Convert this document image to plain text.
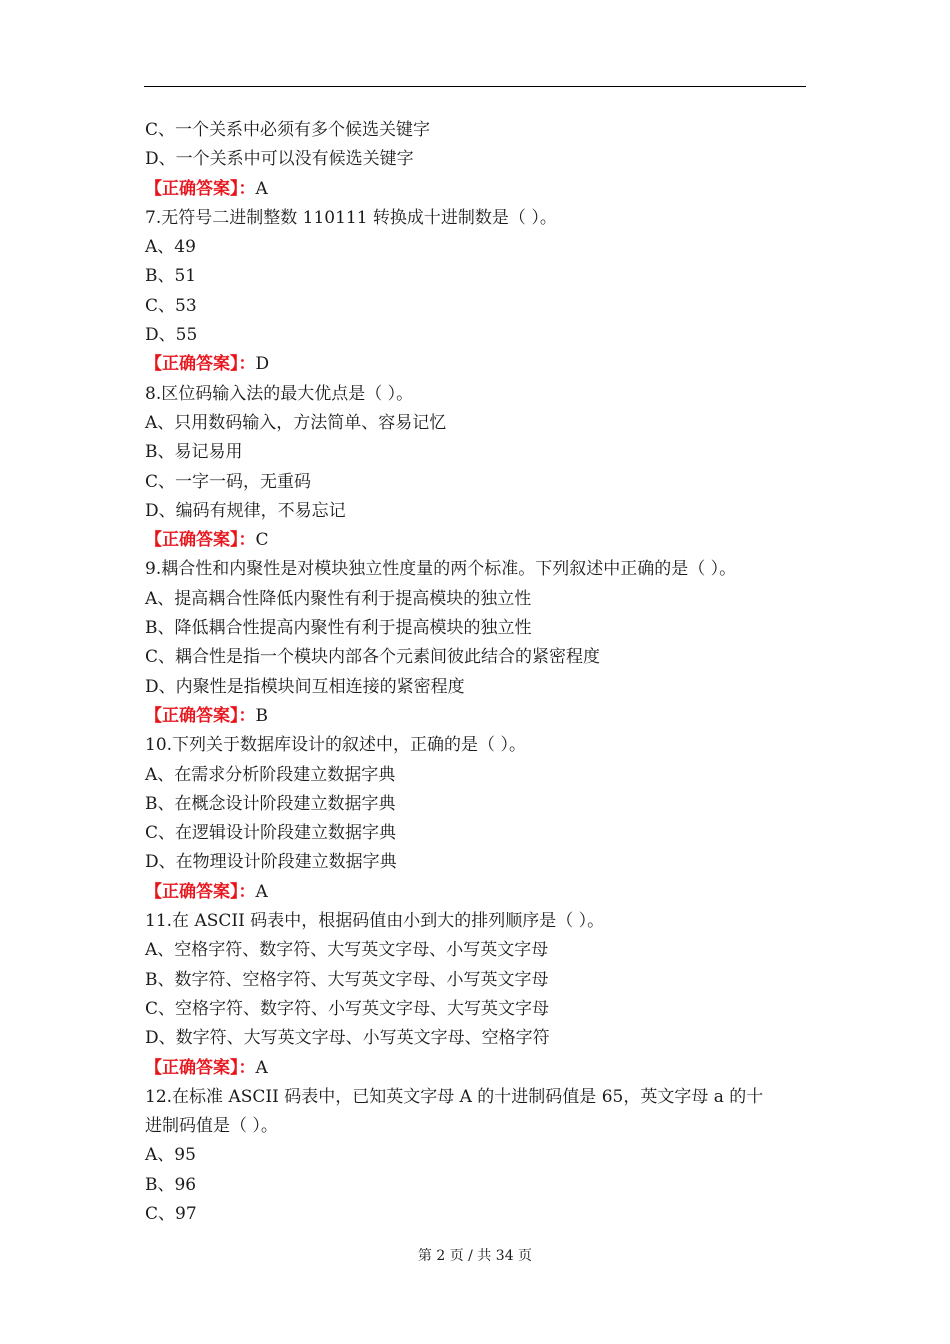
C、一个关系中必须有多个候选关键字
D、一个关系中可以没有候选关键字
【正确答案】：A
7.无符号二进制整数 110111 转换成十进制数是（ ）。
A、49
B、51
C、53
D、55
【正确答案】：D
8.区位码输入法的最大优点是（ ）。
A、只用数码输入，方法简单、容易记忆
B、易记易用
C、一字一码，无重码
D、编码有规律，不易忘记
【正确答案】：C
9.耦合性和内聚性是对模块独立性度量的两个标准。下列叙述中正确的是（ ）。
A、提高耦合性降低内聚性有利于提高模块的独立性
B、降低耦合性提高内聚性有利于提高模块的独立性
C、耦合性是指一个模块内部各个元素间彼此结合的紧密程度
D、内聚性是指模块间互相连接的紧密程度
【正确答案】：B
10.下列关于数据库设计的叙述中，正确的是（ ）。
A、在需求分析阶段建立数据字典
B、在概念设计阶段建立数据字典
C、在逻辑设计阶段建立数据字典
D、在物理设计阶段建立数据字典
【正确答案】：A
11.在 ASCII 码表中，根据码值由小到大的排列顺序是（ ）。
A、空格字符、数字符、大写英文字母、小写英文字母
B、数字符、空格字符、大写英文字母、小写英文字母
C、空格字符、数字符、小写英文字母、大写英文字母
D、数字符、大写英文字母、小写英文字母、空格字符
【正确答案】：A
12.在标准 ASCII 码表中，已知英文字母 A 的十进制码值是 65，英文字母 a 的十
进制码值是（ ）。
A、95
B、96
C、97
第 2 页 / 共 34 页
